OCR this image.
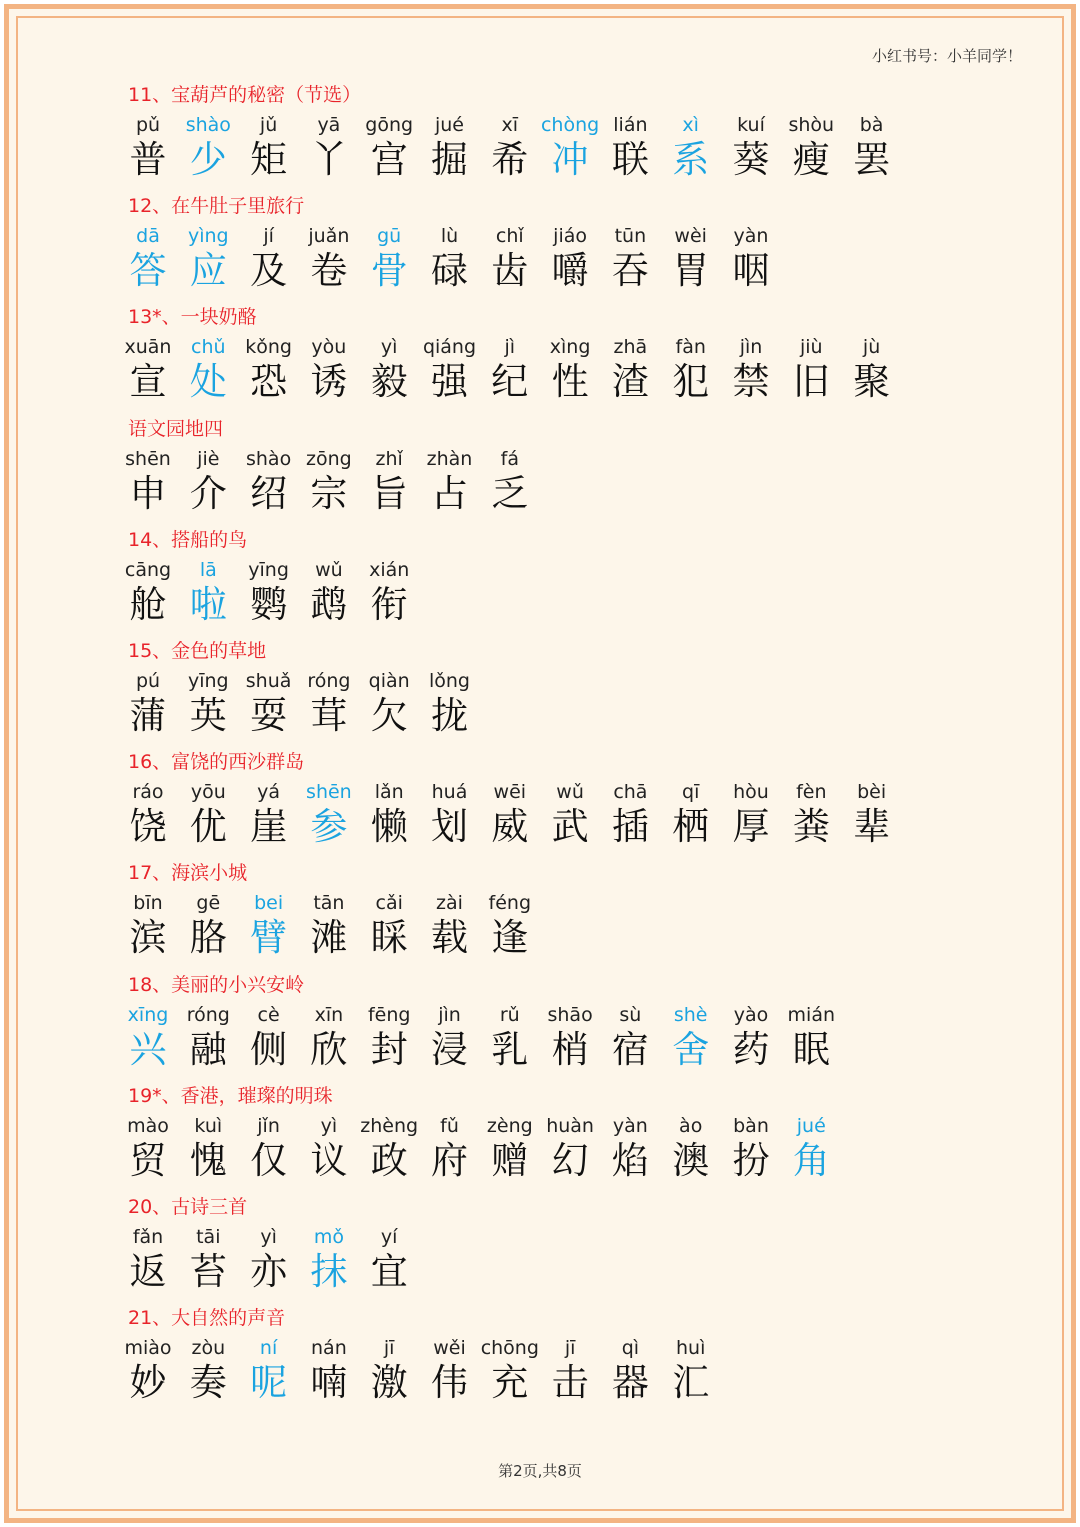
小红书号：小羊同学！
11、宝葫芦的秘密（节选）
pǔ
普
shào
少
jǔ
矩
yā
丫
gōng
宫
jué
掘
xī
希
chòng
冲
lián
联
xì
系
kuí
葵
shòu
瘦
bà
罢
12、在牛肚子里旅行
dā
答
yìng
应
jí
及
juǎn
卷
gū
骨
lù
碌
chǐ
齿
jiáo
嚼
tūn
吞
wèi
胃
yàn
咽
13*、一块奶酪
xuān
宣
chǔ
处
kǒng
恐
yòu
诱
yì
毅
qiáng
强
jì
纪
xìng
性
zhā
渣
fàn
犯
jìn
禁
jiù
旧
jù
聚
语文园地四
shēn
申
jiè
介
shào
绍
zōng
宗
zhǐ
旨
zhàn
占
fá
乏
14、搭船的鸟
cāng
舱
lā
啦
yīng
鹦
wǔ
鹉
xián
衔
15、金色的草地
pú
蒲
yīng
英
shuǎ
耍
róng
茸
qiàn
欠
lǒng
拢
16、富饶的西沙群岛
ráo
饶
yōu
优
yá
崖
shēn
参
lǎn
懒
huá
划
wēi
威
wǔ
武
chā
插
qī
栖
hòu
厚
fèn
粪
bèi
辈
17、海滨小城
bīn
滨
gē
胳
bei
臂
tān
滩
cǎi
睬
zài
载
féng
逢
18、美丽的小兴安岭
xīng
兴
róng
融
cè
侧
xīn
欣
fēng
封
jìn
浸
rǔ
乳
shāo
梢
sù
宿
shè
舍
yào
药
mián
眠
19*、香港，璀璨的明珠
mào
贸
kuì
愧
jǐn
仅
yì
议
zhèng
政
fǔ
府
zèng
赠
huàn
幻
yàn
焰
ào
澳
bàn
扮
jué
角
20、古诗三首
fǎn
返
tāi
苔
yì
亦
mǒ
抹
yí
宜
21、大自然的声音
miào
妙
zòu
奏
ní
呢
nán
喃
jī
激
wěi
伟
chōng
充
jī
击
qì
器
huì
汇
第2页,共8页
